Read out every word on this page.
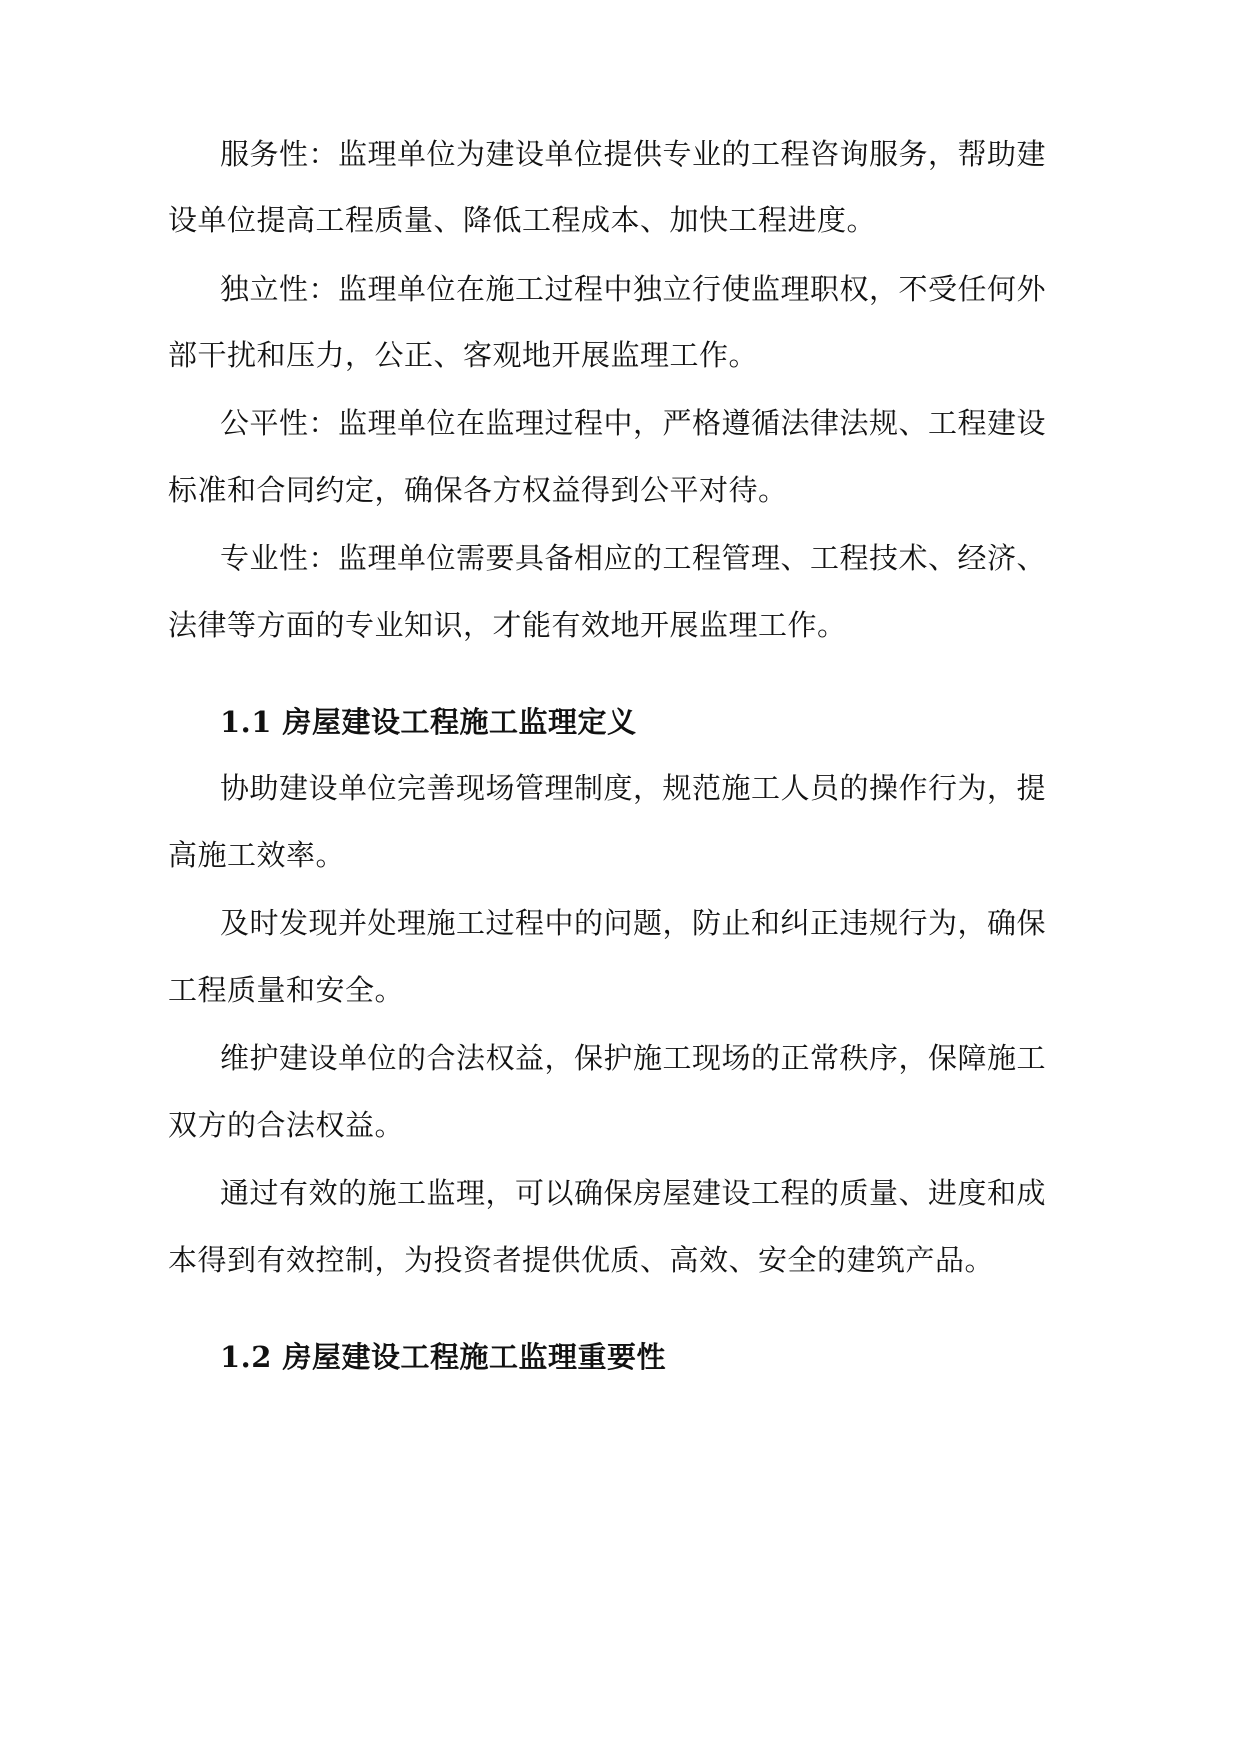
服务性：监理单位为建设单位提供专业的工程咨询服务，帮助建
设单位提高工程质量、降低工程成本、加快工程进度。
独立性：监理单位在施工过程中独立行使监理职权，不受任何外
部干扰和压力，公正、客观地开展监理工作。
公平性：监理单位在监理过程中，严格遵循法律法规、工程建设
标准和合同约定，确保各方权益得到公平对待。
专业性：监理单位需要具备相应的工程管理、工程技术、经济、
法律等方面的专业知识，才能有效地开展监理工作。
1.1 房屋建设工程施工监理定义
协助建设单位完善现场管理制度，规范施工人员的操作行为，提
高施工效率。
及时发现并处理施工过程中的问题，防止和纠正违规行为，确保
工程质量和安全。
维护建设单位的合法权益，保护施工现场的正常秩序，保障施工
双方的合法权益。
通过有效的施工监理，可以确保房屋建设工程的质量、进度和成
本得到有效控制，为投资者提供优质、高效、安全的建筑产品。
1.2 房屋建设工程施工监理重要性
